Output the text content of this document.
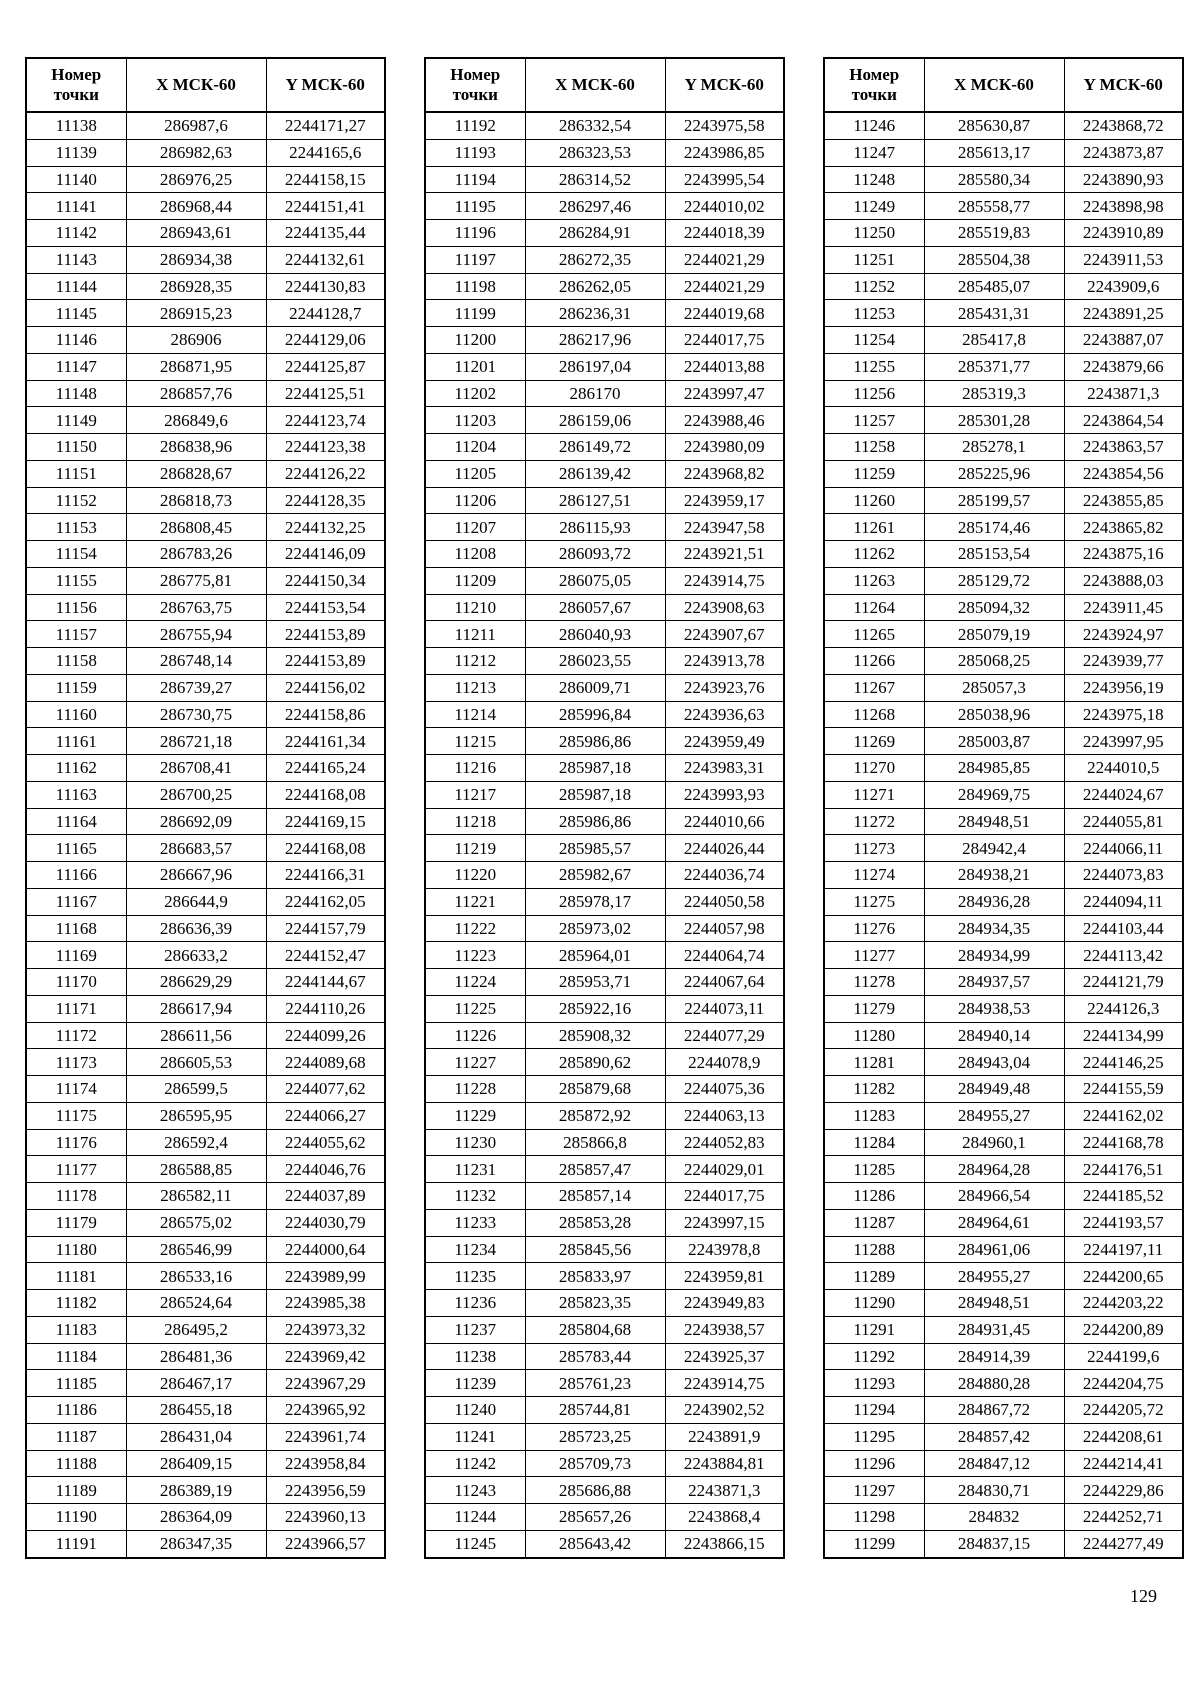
Номер
точки	X МСК-60	Y МСК-60
11138	286987,6	2244171,27
11139	286982,63	2244165,6
11140	286976,25	2244158,15
11141	286968,44	2244151,41
11142	286943,61	2244135,44
11143	286934,38	2244132,61
11144	286928,35	2244130,83
11145	286915,23	2244128,7
11146	286906	2244129,06
11147	286871,95	2244125,87
11148	286857,76	2244125,51
11149	286849,6	2244123,74
11150	286838,96	2244123,38
11151	286828,67	2244126,22
11152	286818,73	2244128,35
11153	286808,45	2244132,25
11154	286783,26	2244146,09
11155	286775,81	2244150,34
11156	286763,75	2244153,54
11157	286755,94	2244153,89
11158	286748,14	2244153,89
11159	286739,27	2244156,02
11160	286730,75	2244158,86
11161	286721,18	2244161,34
11162	286708,41	2244165,24
11163	286700,25	2244168,08
11164	286692,09	2244169,15
11165	286683,57	2244168,08
11166	286667,96	2244166,31
11167	286644,9	2244162,05
11168	286636,39	2244157,79
11169	286633,2	2244152,47
11170	286629,29	2244144,67
11171	286617,94	2244110,26
11172	286611,56	2244099,26
11173	286605,53	2244089,68
11174	286599,5	2244077,62
11175	286595,95	2244066,27
11176	286592,4	2244055,62
11177	286588,85	2244046,76
11178	286582,11	2244037,89
11179	286575,02	2244030,79
11180	286546,99	2244000,64
11181	286533,16	2243989,99
11182	286524,64	2243985,38
11183	286495,2	2243973,32
11184	286481,36	2243969,42
11185	286467,17	2243967,29
11186	286455,18	2243965,92
11187	286431,04	2243961,74
11188	286409,15	2243958,84
11189	286389,19	2243956,59
11190	286364,09	2243960,13
11191	286347,35	2243966,57
Номер
точки	X МСК-60	Y МСК-60
11192	286332,54	2243975,58
11193	286323,53	2243986,85
11194	286314,52	2243995,54
11195	286297,46	2244010,02
11196	286284,91	2244018,39
11197	286272,35	2244021,29
11198	286262,05	2244021,29
11199	286236,31	2244019,68
11200	286217,96	2244017,75
11201	286197,04	2244013,88
11202	286170	2243997,47
11203	286159,06	2243988,46
11204	286149,72	2243980,09
11205	286139,42	2243968,82
11206	286127,51	2243959,17
11207	286115,93	2243947,58
11208	286093,72	2243921,51
11209	286075,05	2243914,75
11210	286057,67	2243908,63
11211	286040,93	2243907,67
11212	286023,55	2243913,78
11213	286009,71	2243923,76
11214	285996,84	2243936,63
11215	285986,86	2243959,49
11216	285987,18	2243983,31
11217	285987,18	2243993,93
11218	285986,86	2244010,66
11219	285985,57	2244026,44
11220	285982,67	2244036,74
11221	285978,17	2244050,58
11222	285973,02	2244057,98
11223	285964,01	2244064,74
11224	285953,71	2244067,64
11225	285922,16	2244073,11
11226	285908,32	2244077,29
11227	285890,62	2244078,9
11228	285879,68	2244075,36
11229	285872,92	2244063,13
11230	285866,8	2244052,83
11231	285857,47	2244029,01
11232	285857,14	2244017,75
11233	285853,28	2243997,15
11234	285845,56	2243978,8
11235	285833,97	2243959,81
11236	285823,35	2243949,83
11237	285804,68	2243938,57
11238	285783,44	2243925,37
11239	285761,23	2243914,75
11240	285744,81	2243902,52
11241	285723,25	2243891,9
11242	285709,73	2243884,81
11243	285686,88	2243871,3
11244	285657,26	2243868,4
11245	285643,42	2243866,15
Номер
точки	X МСК-60	Y МСК-60
11246	285630,87	2243868,72
11247	285613,17	2243873,87
11248	285580,34	2243890,93
11249	285558,77	2243898,98
11250	285519,83	2243910,89
11251	285504,38	2243911,53
11252	285485,07	2243909,6
11253	285431,31	2243891,25
11254	285417,8	2243887,07
11255	285371,77	2243879,66
11256	285319,3	2243871,3
11257	285301,28	2243864,54
11258	285278,1	2243863,57
11259	285225,96	2243854,56
11260	285199,57	2243855,85
11261	285174,46	2243865,82
11262	285153,54	2243875,16
11263	285129,72	2243888,03
11264	285094,32	2243911,45
11265	285079,19	2243924,97
11266	285068,25	2243939,77
11267	285057,3	2243956,19
11268	285038,96	2243975,18
11269	285003,87	2243997,95
11270	284985,85	2244010,5
11271	284969,75	2244024,67
11272	284948,51	2244055,81
11273	284942,4	2244066,11
11274	284938,21	2244073,83
11275	284936,28	2244094,11
11276	284934,35	2244103,44
11277	284934,99	2244113,42
11278	284937,57	2244121,79
11279	284938,53	2244126,3
11280	284940,14	2244134,99
11281	284943,04	2244146,25
11282	284949,48	2244155,59
11283	284955,27	2244162,02
11284	284960,1	2244168,78
11285	284964,28	2244176,51
11286	284966,54	2244185,52
11287	284964,61	2244193,57
11288	284961,06	2244197,11
11289	284955,27	2244200,65
11290	284948,51	2244203,22
11291	284931,45	2244200,89
11292	284914,39	2244199,6
11293	284880,28	2244204,75
11294	284867,72	2244205,72
11295	284857,42	2244208,61
11296	284847,12	2244214,41
11297	284830,71	2244229,86
11298	284832	2244252,71
11299	284837,15	2244277,49
129
